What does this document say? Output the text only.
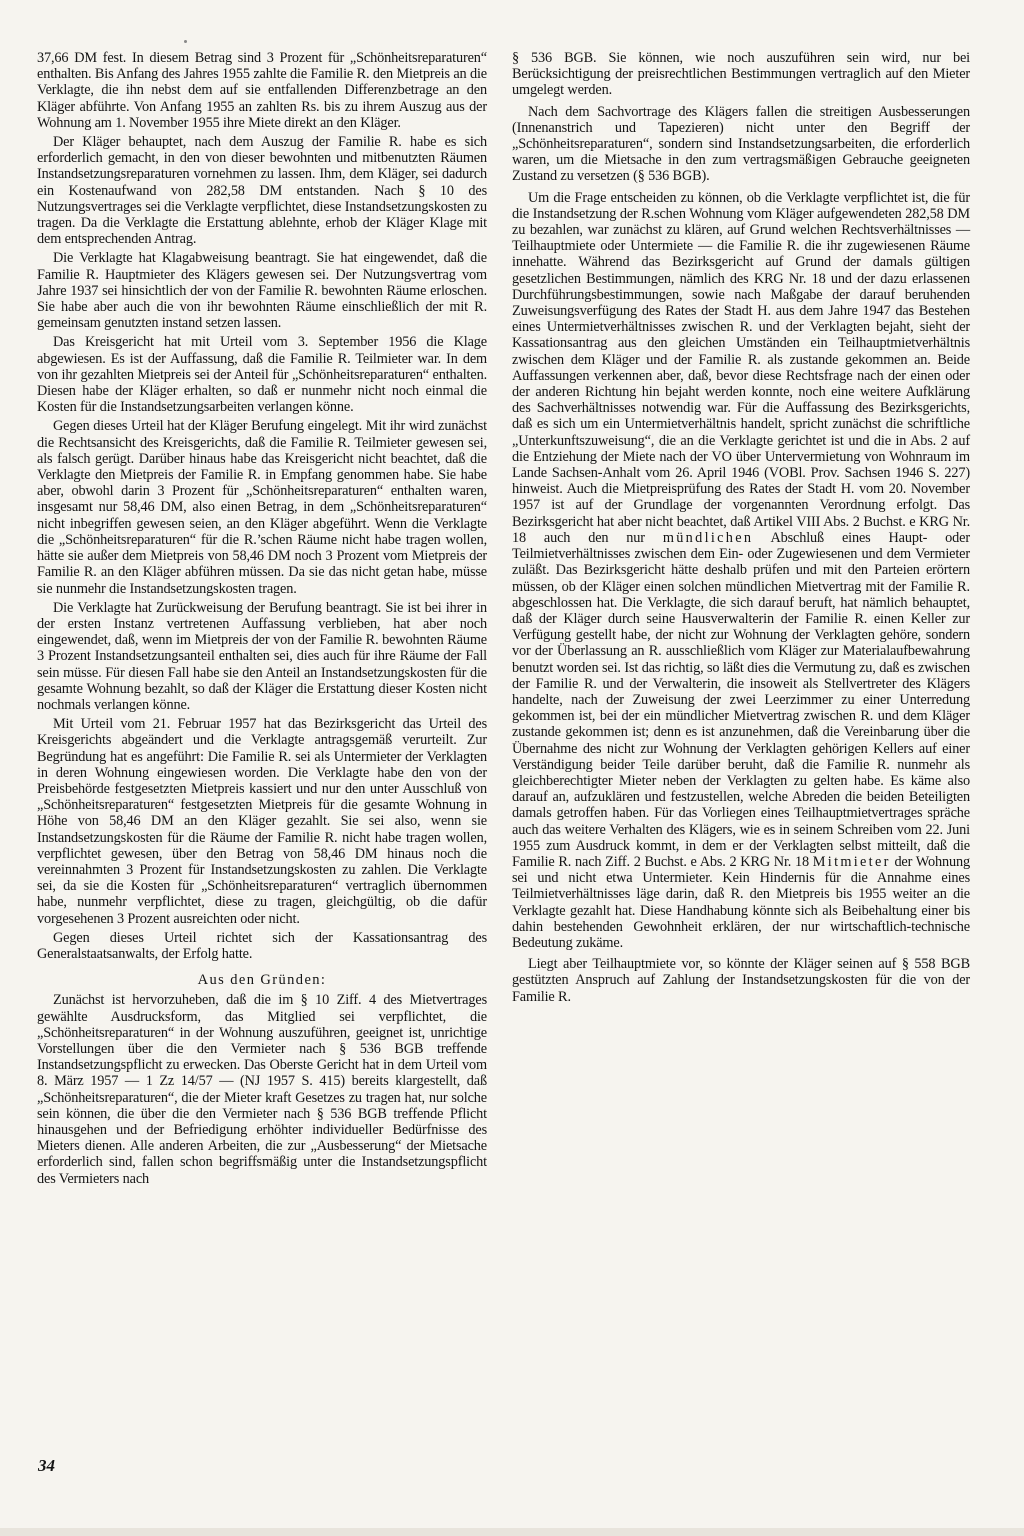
37,66 DM fest. In diesem Betrag sind 3 Prozent für „Schönheitsreparaturen“ enthalten. Bis Anfang des Jahres 1955 zahlte die Familie R. den Mietpreis an die Verklagte, die ihn nebst dem auf sie entfallenden Differenzbetrage an den Kläger abführte. Von Anfang 1955 an zahlten Rs. bis zu ihrem Auszug aus der Wohnung am 1. November 1955 ihre Miete direkt an den Kläger.

Der Kläger behauptet, nach dem Auszug der Familie R. habe es sich erforderlich gemacht, in den von dieser bewohnten und mitbenutzten Räumen Instandsetzungsreparaturen vornehmen zu lassen. Ihm, dem Kläger, sei dadurch ein Kostenaufwand von 282,58 DM entstanden. Nach § 10 des Nutzungsvertrages sei die Verklagte verpflichtet, diese Instandsetzungskosten zu tragen. Da die Verklagte die Erstattung ablehnte, erhob der Kläger Klage mit dem entsprechenden Antrag.

Die Verklagte hat Klagabweisung beantragt. Sie hat eingewendet, daß die Familie R. Hauptmieter des Klägers gewesen sei. Der Nutzungsvertrag vom Jahre 1937 sei hinsichtlich der von der Familie R. bewohnten Räume erloschen. Sie habe aber auch die von ihr bewohnten Räume einschließlich der mit R. gemeinsam genutzten instand setzen lassen.

Das Kreisgericht hat mit Urteil vom 3. September 1956 die Klage abgewiesen. Es ist der Auffassung, daß die Familie R. Teilmieter war. In dem von ihr gezahlten Mietpreis sei der Anteil für „Schönheitsreparaturen“ enthalten. Diesen habe der Kläger erhalten, so daß er nunmehr nicht noch einmal die Kosten für die Instandsetzungsarbeiten verlangen könne.

Gegen dieses Urteil hat der Kläger Berufung eingelegt. Mit ihr wird zunächst die Rechtsansicht des Kreisgerichts, daß die Familie R. Teilmieter gewesen sei, als falsch gerügt. Darüber hinaus habe das Kreisgericht nicht beachtet, daß die Verklagte den Mietpreis der Familie R. in Empfang genommen habe. Sie habe aber, obwohl darin 3 Prozent für „Schönheitsreparaturen“ enthalten waren, insgesamt nur 58,46 DM, also einen Betrag, in dem „Schönheitsreparaturen“ nicht inbegriffen gewesen seien, an den Kläger abgeführt. Wenn die Verklagte die „Schönheitsreparaturen“ für die R.’schen Räume nicht habe tragen wollen, hätte sie außer dem Mietpreis von 58,46 DM noch 3 Prozent vom Mietpreis der Familie R. an den Kläger abführen müssen. Da sie das nicht getan habe, müsse sie nunmehr die Instandsetzungskosten tragen.

Die Verklagte hat Zurückweisung der Berufung beantragt. Sie ist bei ihrer in der ersten Instanz vertretenen Auffassung verblieben, hat aber noch eingewendet, daß, wenn im Mietpreis der von der Familie R. bewohnten Räume 3 Prozent Instandsetzungsanteil enthalten sei, dies auch für ihre Räume der Fall sein müsse. Für diesen Fall habe sie den Anteil an Instandsetzungskosten für die gesamte Wohnung bezahlt, so daß der Kläger die Erstattung dieser Kosten nicht nochmals verlangen könne.

Mit Urteil vom 21. Februar 1957 hat das Bezirksgericht das Urteil des Kreisgerichts abgeändert und die Verklagte antragsgemäß verurteilt. Zur Begründung hat es angeführt: Die Familie R. sei als Untermieter der Verklagten in deren Wohnung eingewiesen worden. Die Verklagte habe den von der Preisbehörde festgesetzten Mietpreis kassiert und nur den unter Ausschluß von „Schönheitsreparaturen“ festgesetzten Mietpreis für die gesamte Wohnung in Höhe von 58,46 DM an den Kläger gezahlt. Sie sei also, wenn sie Instandsetzungskosten für die Räume der Familie R. nicht habe tragen wollen, verpflichtet gewesen, über den Betrag von 58,46 DM hinaus noch die vereinnahmten 3 Prozent für Instandsetzungskosten zu zahlen. Die Verklagte sei, da sie die Kosten für „Schönheitsreparaturen“ vertraglich übernommen habe, nunmehr verpflichtet, diese zu tragen, gleichgültig, ob die dafür vorgesehenen 3 Prozent ausreichten oder nicht.

Gegen dieses Urteil richtet sich der Kassationsantrag des Generalstaatsanwalts, der Erfolg hatte.

Aus den Gründen:

Zunächst ist hervorzuheben, daß die im § 10 Ziff. 4 des Mietvertrages gewählte Ausdrucksform, das Mitglied sei verpflichtet, die „Schönheitsreparaturen“ in der Wohnung auszuführen, geeignet ist, unrichtige Vorstellungen über die den Vermieter nach § 536 BGB treffende Instandsetzungspflicht zu erwecken. Das Oberste Gericht hat in dem Urteil vom 8. März 1957 — 1 Zz 14/57 — (NJ 1957 S. 415) bereits klargestellt, daß „Schönheitsreparaturen“, die der Mieter kraft Gesetzes zu tragen hat, nur solche sein können, die über die den Vermieter nach § 536 BGB treffende Pflicht hinausgehen und der Befriedigung erhöhter individueller Bedürfnisse des Mieters dienen. Alle anderen Arbeiten, die zur „Ausbesserung“ der Mietsache erforderlich sind, fallen schon begriffsmäßig unter die Instandsetzungspflicht des Vermieters nach

§ 536 BGB. Sie können, wie noch auszuführen sein wird, nur bei Berücksichtigung der preisrechtlichen Bestimmungen vertraglich auf den Mieter umgelegt werden.

Nach dem Sachvortrage des Klägers fallen die streitigen Ausbesserungen (Innenanstrich und Tapezieren) nicht unter den Begriff der „Schönheitsreparaturen“, sondern sind Instandsetzungsarbeiten, die erforderlich waren, um die Mietsache in den zum vertragsmäßigen Gebrauche geeigneten Zustand zu versetzen (§ 536 BGB).

Um die Frage entscheiden zu können, ob die Verklagte verpflichtet ist, die für die Instandsetzung der R.schen Wohnung vom Kläger aufgewendeten 282,58 DM zu bezahlen, war zunächst zu klären, auf Grund welchen Rechtsverhältnisses — Teilhauptmiete oder Untermiete — die Familie R. die ihr zugewiesenen Räume innehatte. Während das Bezirksgericht auf Grund der damals gültigen gesetzlichen Bestimmungen, nämlich des KRG Nr. 18 und der dazu erlassenen Durchführungsbestimmungen, sowie nach Maßgabe der darauf beruhenden Zuweisungsverfügung des Rates der Stadt H. aus dem Jahre 1947 das Bestehen eines Untermietverhältnisses zwischen R. und der Verklagten bejaht, sieht der Kassationsantrag aus den gleichen Umständen ein Teilhauptmietverhältnis zwischen dem Kläger und der Familie R. als zustande gekommen an. Beide Auffassungen verkennen aber, daß, bevor diese Rechtsfrage nach der einen oder der anderen Richtung hin bejaht werden konnte, noch eine weitere Aufklärung des Sachverhältnisses notwendig war. Für die Auffassung des Bezirksgerichts, daß es sich um ein Untermietverhältnis handelt, spricht zunächst die schriftliche „Unterkunftszuweisung“, die an die Verklagte gerichtet ist und die in Abs. 2 auf die Entziehung der Miete nach der VO über Untervermietung von Wohnraum im Lande Sachsen-Anhalt vom 26. April 1946 (VOBl. Prov. Sachsen 1946 S. 227) hinweist. Auch die Mietpreisprüfung des Rates der Stadt H. vom 20. November 1957 ist auf der Grundlage der vorgenannten Verordnung erfolgt. Das Bezirksgericht hat aber nicht beachtet, daß Artikel VIII Abs. 2 Buchst. e KRG Nr. 18 auch den nur mündlichen Abschluß eines Haupt- oder Teilmietverhältnisses zwischen dem Ein- oder Zugewiesenen und dem Vermieter zuläßt. Das Bezirksgericht hätte deshalb prüfen und mit den Parteien erörtern müssen, ob der Kläger einen solchen mündlichen Mietvertrag mit der Familie R. abgeschlossen hat. Die Verklagte, die sich darauf beruft, hat nämlich behauptet, daß der Kläger durch seine Hausverwalterin der Familie R. einen Keller zur Verfügung gestellt habe, der nicht zur Wohnung der Verklagten gehöre, sondern vor der Überlassung an R. ausschließlich vom Kläger zur Materialaufbewahrung benutzt worden sei. Ist das richtig, so läßt dies die Vermutung zu, daß es zwischen der Familie R. und der Verwalterin, die insoweit als Stellvertreter des Klägers handelte, nach der Zuweisung der zwei Leerzimmer zu einer Unterredung gekommen ist, bei der ein mündlicher Mietvertrag zwischen R. und dem Kläger zustande gekommen ist; denn es ist anzunehmen, daß die Vereinbarung über die Übernahme des nicht zur Wohnung der Verklagten gehörigen Kellers auf einer Verständigung beider Teile darüber beruht, daß die Familie R. nunmehr als gleichberechtigter Mieter neben der Verklagten zu gelten habe. Es käme also darauf an, aufzuklären und festzustellen, welche Abreden die beiden Beteiligten damals getroffen haben. Für das Vorliegen eines Teilhauptmietvertrages spräche auch das weitere Verhalten des Klägers, wie es in seinem Schreiben vom 22. Juni 1955 zum Ausdruck kommt, in dem er der Verklagten selbst mitteilt, daß die Familie R. nach Ziff. 2 Buchst. e Abs. 2 KRG Nr. 18 Mitmieter der Wohnung sei und nicht etwa Untermieter. Kein Hindernis für die Annahme eines Teilmietverhältnisses läge darin, daß R. den Mietpreis bis 1955 weiter an die Verklagte gezahlt hat. Diese Handhabung könnte sich als Beibehaltung einer bis dahin bestehenden Gewohnheit erklären, der nur wirtschaftlich-technische Bedeutung zukäme.

Liegt aber Teilhauptmiete vor, so könnte der Kläger seinen auf § 558 BGB gestützten Anspruch auf Zahlung der Instandsetzungskosten für die von der Familie R.

34
